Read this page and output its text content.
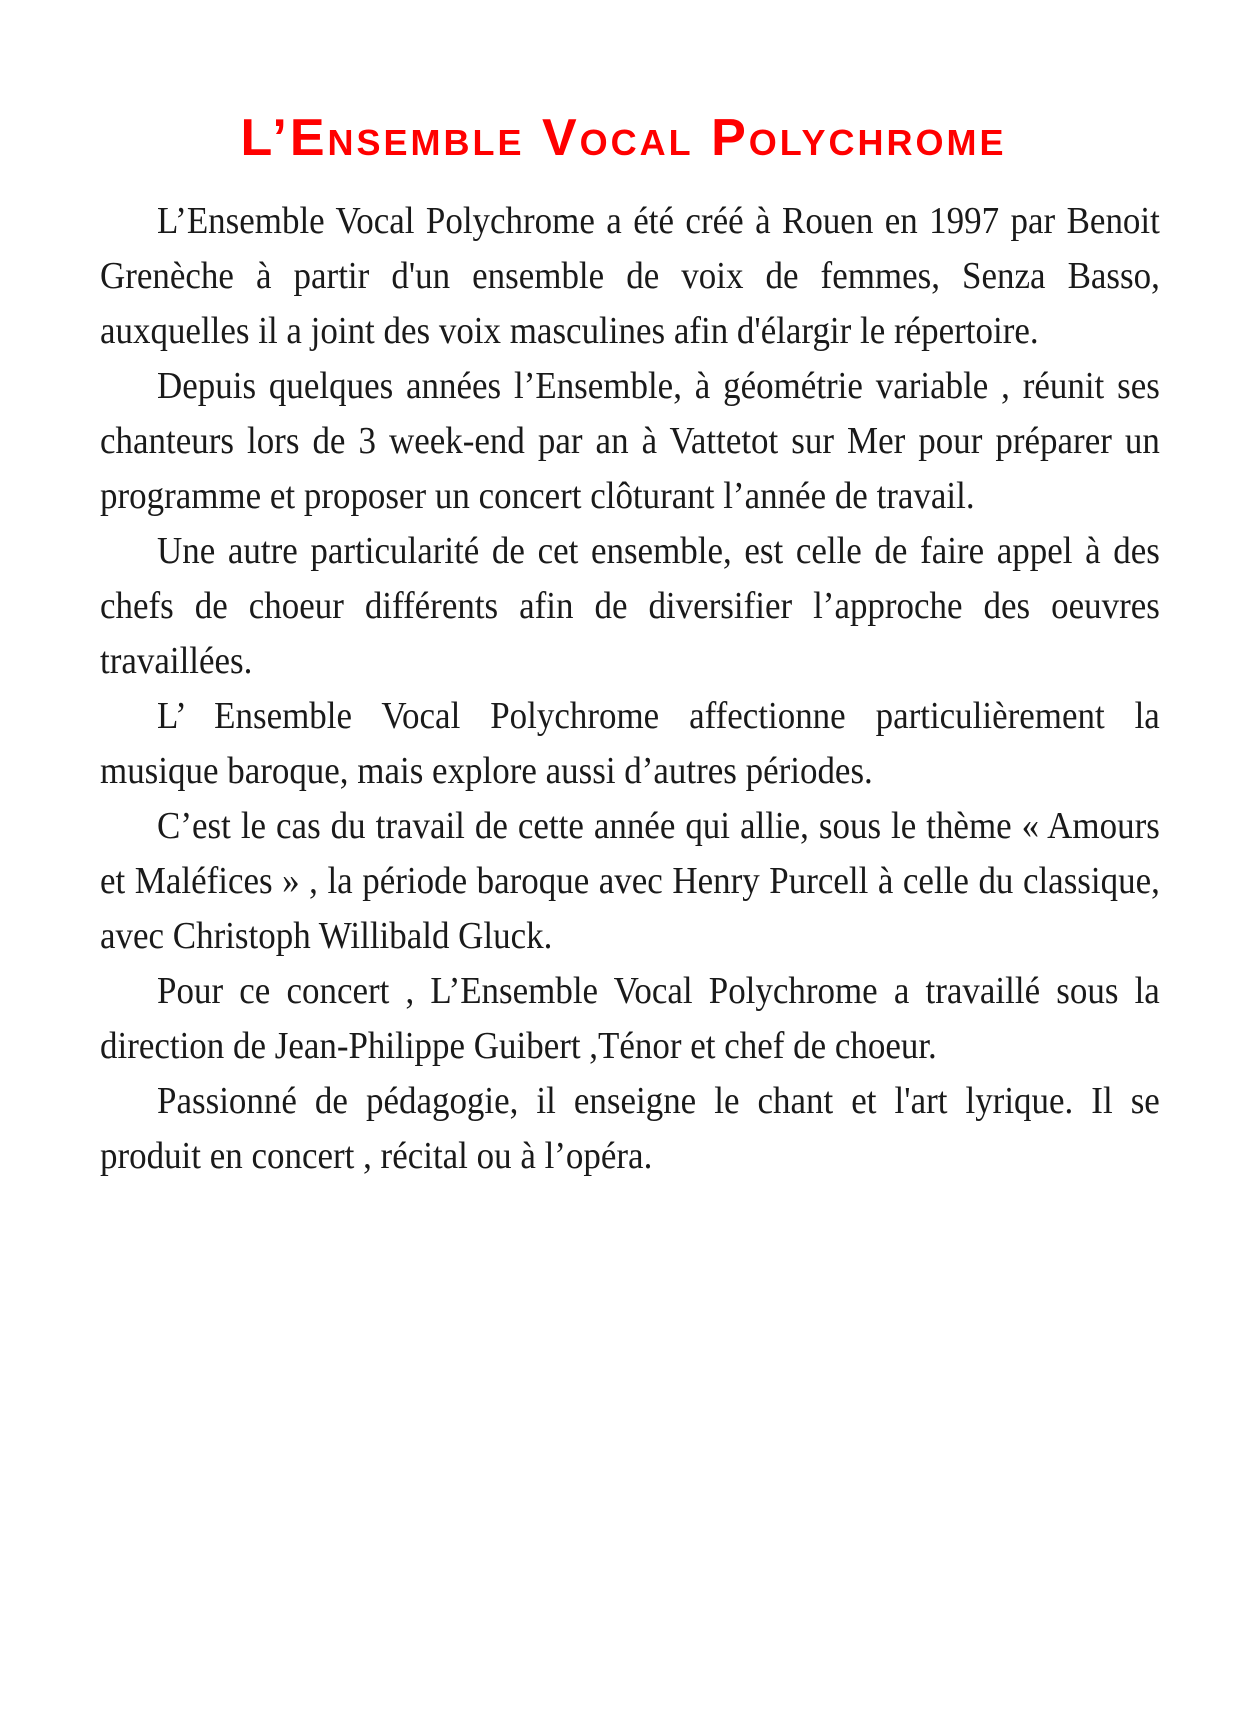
L’Ensemble Vocal Polychrome

L’Ensemble Vocal Polychrome a été créé à Rouen en 1997 par Benoit Grenèche à partir d'un ensemble de voix de femmes, Senza Basso, auxquelles il a joint des voix masculines afin d'élargir le répertoire.

Depuis quelques années l’Ensemble, à géométrie variable , réunit ses chanteurs lors de 3 week-end par an à Vattetot sur Mer pour préparer un programme et proposer un concert clôturant l’année de travail.

Une autre particularité de cet ensemble, est celle de faire appel à des chefs de choeur différents afin de diversifier l’approche des oeuvres travaillées.

L’ Ensemble Vocal Polychrome affectionne particulièrement la musique baroque, mais explore aussi d’autres périodes.

C’est le cas du travail de cette année qui allie, sous le thème « Amours et Maléfices » , la période baroque avec Henry Purcell à celle du classique, avec Christoph Willibald Gluck.

Pour ce concert , L’Ensemble Vocal Polychrome a travaillé sous la direction de Jean-Philippe Guibert ,Ténor et chef de choeur.

Passionné de pédagogie, il enseigne le chant et l'art lyrique. Il se produit en concert , récital ou à l’opéra.
